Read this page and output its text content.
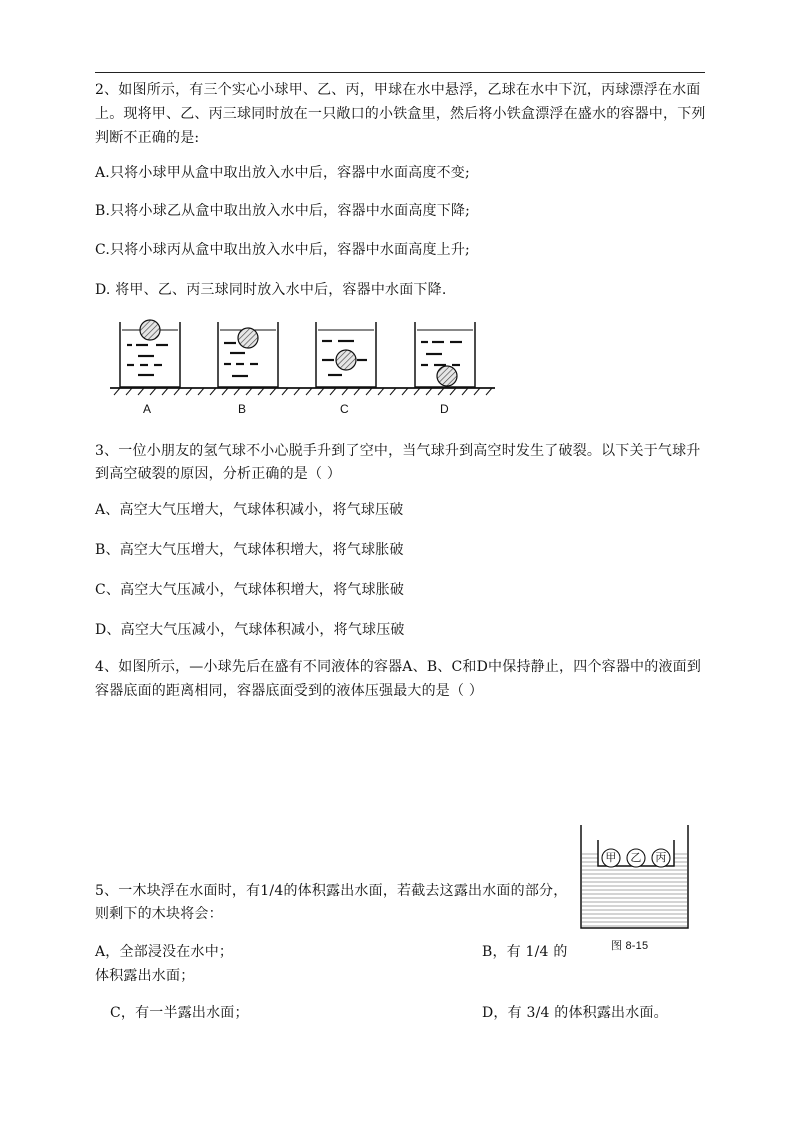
2、如图所示，有三个实心小球甲、乙、丙，甲球在水中悬浮，乙球在水中下沉，丙球漂浮在水面
上。现将甲、乙、丙三球同时放在一只敞口的小铁盒里，然后将小铁盒漂浮在盛水的容器中，下列
判断不正确的是:
A.只将小球甲从盒中取出放入水中后，容器中水面高度不变;
B.只将小球乙从盒中取出放入水中后，容器中水面高度下降;
C.只将小球丙从盒中取出放入水中后，容器中水面高度上升;
D. 将甲、乙、丙三球同时放入水中后，容器中水面下降.
A	B	C	D
3、一位小朋友的氢气球不小心脱手升到了空中，当气球升到高空时发生了破裂。以下关于气球升
到高空破裂的原因，分析正确的是（ ）
A、高空大气压增大，气球体积减小，将气球压破
B、高空大气压增大，气球体积增大，将气球胀破
C、高空大气压减小，气球体积增大，将气球胀破
D、高空大气压减小，气球体积减小，将气球压破
4、如图所示，—小球先后在盛有不同液体的容器A、B、C和D中保持静止，四个容器中的液面到
容器底面的距离相同，容器底面受到的液体压强最大的是（ ）
甲 乙 丙
图 8-15
5、一木块浮在水面时，有1/4的体积露出水面，若截去这露出水面的部分，
则剩下的木块将会：
A，全部浸没在水中；	B，有 1/4 的
体积露出水面；
C，有一半露出水面；	D，有 3/4 的体积露出水面。
